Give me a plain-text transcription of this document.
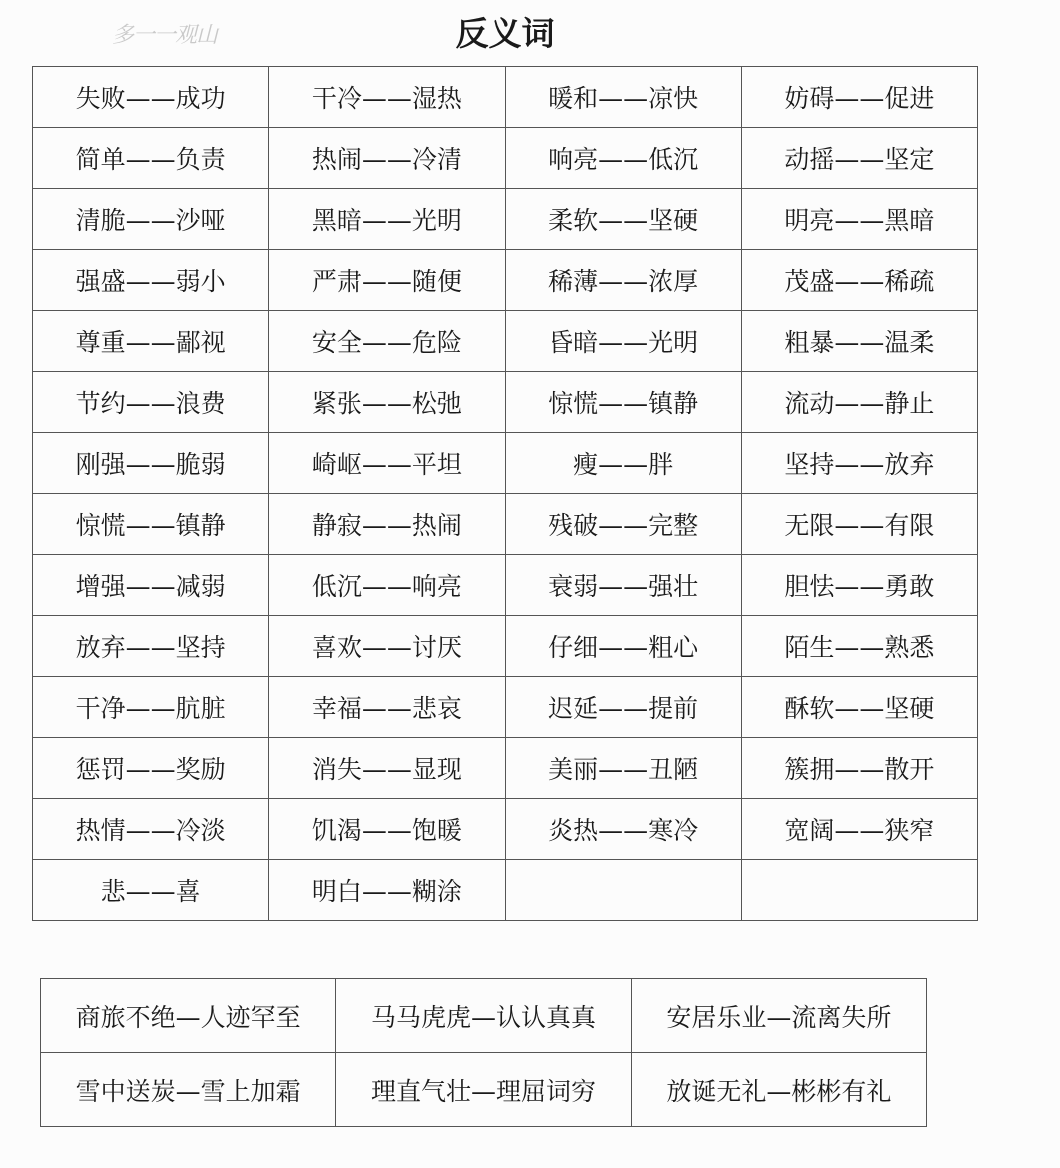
多一一观山	反义词
失败——成功	干冷——湿热	暖和——凉快	妨碍——促进
简单——负责	热闹——冷清	响亮——低沉	动摇——坚定
清脆——沙哑	黑暗——光明	柔软——坚硬	明亮——黑暗
强盛——弱小	严肃——随便	稀薄——浓厚	茂盛——稀疏
尊重——鄙视	安全——危险	昏暗——光明	粗暴——温柔
节约——浪费	紧张——松弛	惊慌——镇静	流动——静止
刚强——脆弱	崎岖——平坦	瘦——胖	坚持——放弃
惊慌——镇静	静寂——热闹	残破——完整	无限——有限
增强——减弱	低沉——响亮	衰弱——强壮	胆怯——勇敢
放弃——坚持	喜欢——讨厌	仔细——粗心	陌生——熟悉
干净——肮脏	幸福——悲哀	迟延——提前	酥软——坚硬
惩罚——奖励	消失——显现	美丽——丑陋	簇拥——散开
热情——冷淡	饥渴——饱暖	炎热——寒冷	宽阔——狭窄
悲——喜	明白——糊涂		
商旅不绝—人迹罕至	马马虎虎—认认真真	安居乐业—流离失所
雪中送炭—雪上加霜	理直气壮—理屈词穷	放诞无礼—彬彬有礼
